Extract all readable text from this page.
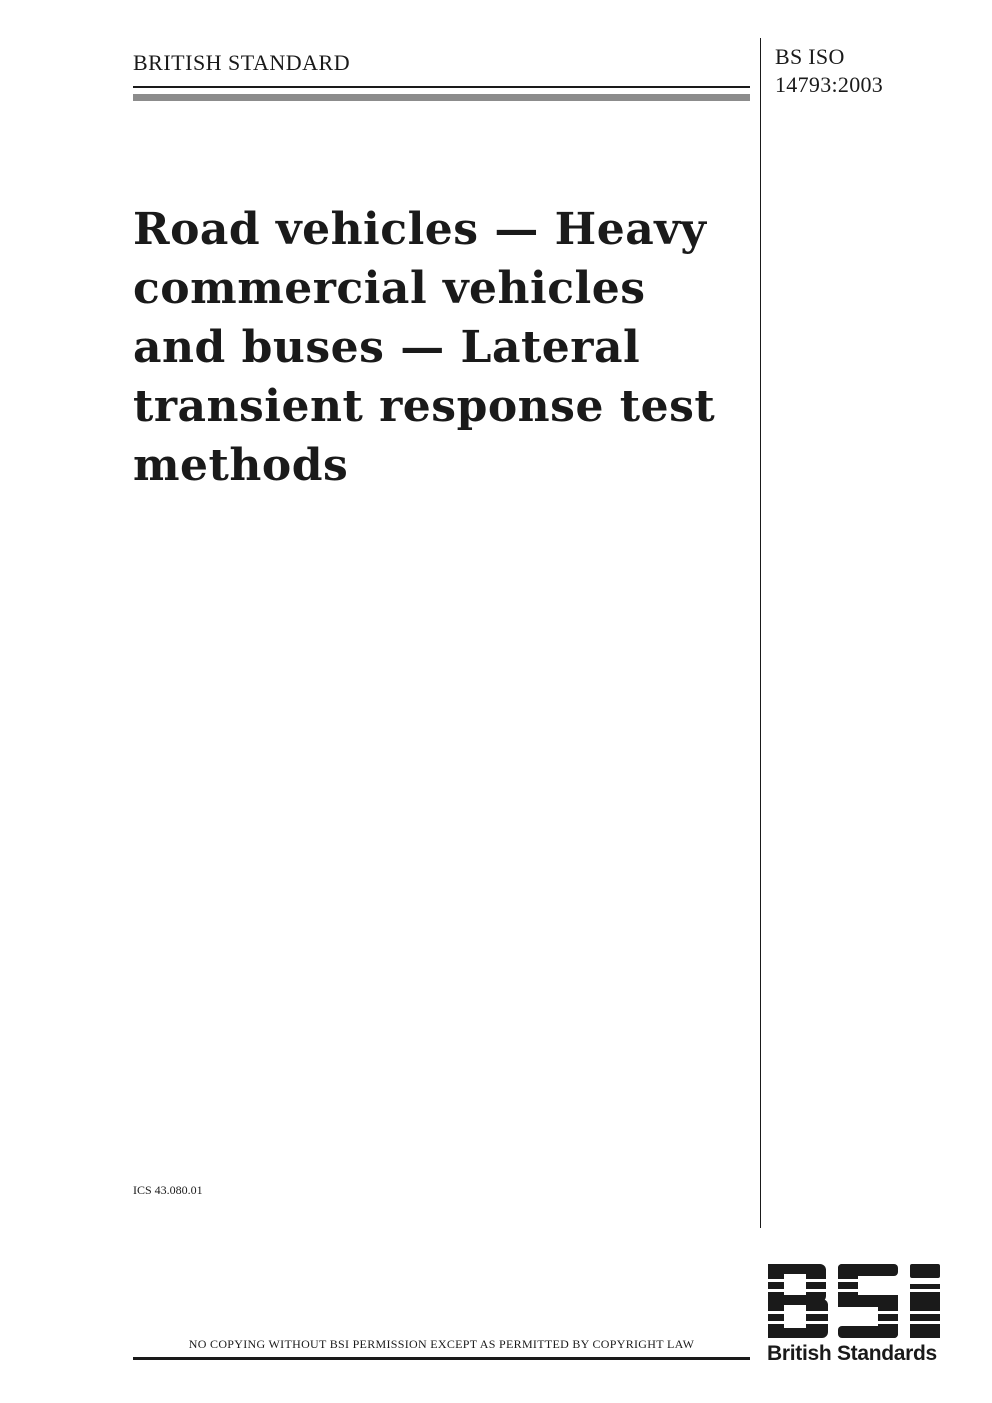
BRITISH STANDARD	BS ISO
14793:2003
Road vehicles — Heavy
commercial vehicles
and buses — Lateral
transient response test
methods
ICS 43.080.01
NO COPYING WITHOUT BSI PERMISSION EXCEPT AS PERMITTED BY COPYRIGHT LAW	British Standards
